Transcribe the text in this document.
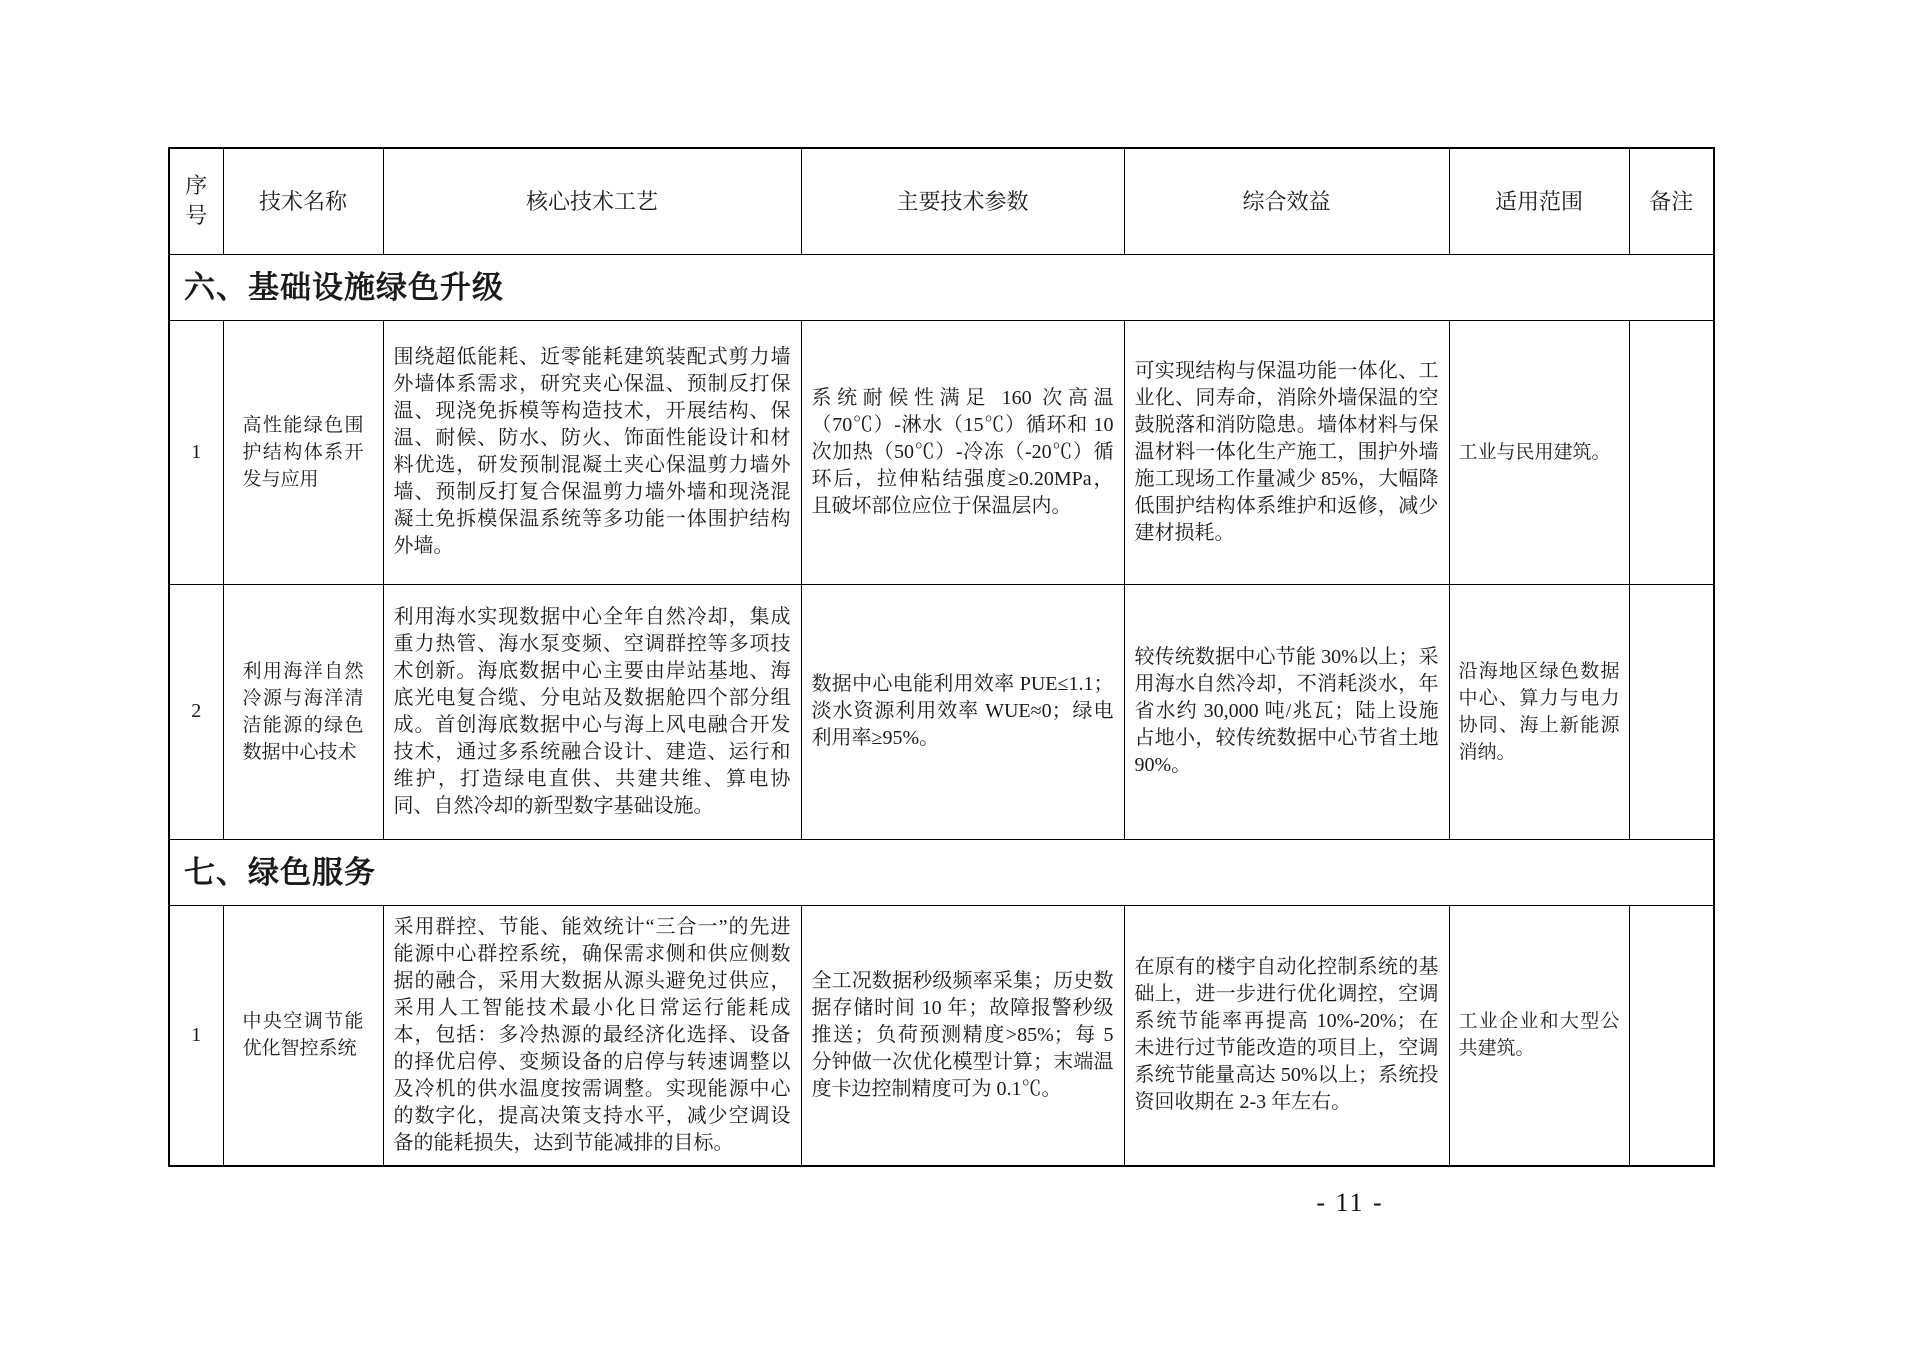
序号	技术名称	核心技术工艺	主要技术参数	综合效益	适用范围	备注
六、基础设施绿色升级						
1	高性能绿色围护结构体系开发与应用	围绕超低能耗、近零能耗建筑装配式剪力墙外墙体系需求，研究夹心保温、预制反打保温、现浇免拆模等构造技术，开展结构、保温、耐候、防水、防火、饰面性能设计和材料优选，研发预制混凝土夹心保温剪力墙外墙、预制反打复合保温剪力墙外墙和现浇混凝土免拆模保温系统等多功能一体围护结构外墙。	系统耐候性满足 160 次高温（70℃）-淋水（15℃）循环和 10 次加热（50℃）-冷冻（-20℃）循环后，拉伸粘结强度≥0.20MPa，且破坏部位应位于保温层内。	可实现结构与保温功能一体化、工业化、同寿命，消除外墙保温的空鼓脱落和消防隐患。墙体材料与保温材料一体化生产施工，围护外墙施工现场工作量减少 85%，大幅降低围护结构体系维护和返修，减少建材损耗。	工业与民用建筑。	
2	利用海洋自然冷源与海洋清洁能源的绿色数据中心技术	利用海水实现数据中心全年自然冷却，集成重力热管、海水泵变频、空调群控等多项技术创新。海底数据中心主要由岸站基地、海底光电复合缆、分电站及数据舱四个部分组成。首创海底数据中心与海上风电融合开发技术，通过多系统融合设计、建造、运行和维护，打造绿电直供、共建共维、算电协同、自然冷却的新型数字基础设施。	数据中心电能利用效率 PUE≤1.1；淡水资源利用效率 WUE≈0；绿电利用率≥95%。	较传统数据中心节能 30%以上；采用海水自然冷却，不消耗淡水，年省水约 30,000 吨/兆瓦；陆上设施占地小，较传统数据中心节省土地 90%。	沿海地区绿色数据中心、算力与电力协同、海上新能源消纳。	
七、绿色服务						
1	中央空调节能优化智控系统	采用群控、节能、能效统计“三合一”的先进能源中心群控系统，确保需求侧和供应侧数据的融合，采用大数据从源头避免过供应，采用人工智能技术最小化日常运行能耗成本，包括：多冷热源的最经济化选择、设备的择优启停、变频设备的启停与转速调整以及冷机的供水温度按需调整。实现能源中心的数字化，提高决策支持水平，减少空调设备的能耗损失，达到节能减排的目标。	全工况数据秒级频率采集；历史数据存储时间 10 年；故障报警秒级推送；负荷预测精度>85%；每 5 分钟做一次优化模型计算；末端温度卡边控制精度可为 0.1℃。	在原有的楼宇自动化控制系统的基础上，进一步进行优化调控，空调系统节能率再提高 10%-20%；在未进行过节能改造的项目上，空调系统节能量高达 50%以上；系统投资回收期在 2-3 年左右。	工业企业和大型公共建筑。	
- 11 -
